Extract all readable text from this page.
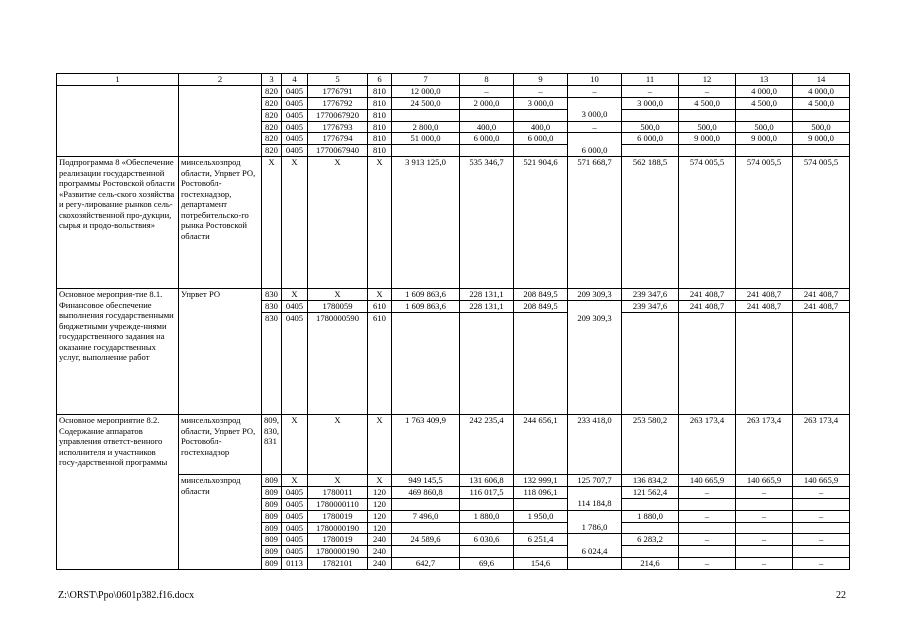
1	2	3	4	5	6	7	8	9	10	11	12	13	14
		820	0405	1776791	810	12 000,0	–	–	–	–	–	4 000,0	4 000,0
		820	0405	1776792	810	24 500,0	2 000,0	3 000,0		3 000,0	4 500,0	4 500,0	4 500,0
		820	0405	1770067920	810				3 000,0				
		820	0405	1776793	810	2 800,0	400,0	400,0	–	500,0	500,0	500,0	500,0
		820	0405	1776794	810	51 000,0	6 000,0	6 000,0		6 000,0	9 000,0	9 000,0	9 000,0
		820	0405	1770067940	810				6 000,0				
Подпрограмма 8 «Обеспечение реализации государственной программы Ростовской области «Развитие сель-ского хозяйства и регу-лирование рынков сель-скохозяйственной про-дукции, сырья и продо-вольствия»	минсельхозпрод области, Упрвет РО, Ростовобл-гостехнадзор, департамент потребительско-го рынка Ростовской области	X	X	X	X	3 913 125,0	535 346,7	521 904,6	571 668,7	562 188,5	574 005,5	574 005,5	574 005,5
Основное мероприя-тие 8.1. Финансовое обеспечение выполнения государственными бюджетными учрежде-ниями государственного задания на оказание государственных услуг, выполнение работ	Упрвет РО	830	X	X	X	1 609 863,6	228 131,1	208 849,5	209 309,3	239 347,6	241 408,7	241 408,7	241 408,7
		830	0405	1780059	610	1 609 863,6	228 131,1	208 849,5		239 347,6	241 408,7	241 408,7	241 408,7
		830	0405	1780000590	610				209 309,3				
Основное мероприятие 8.2. Содержание аппаратов управления ответст-венного исполнителя и участников госу-дарственной программы	минсельхозпрод области, Упрвет РО, Ростовобл-гостехнадзор	809, 830, 831	X	X	X	1 763 409,9	242 235,4	244 656,1	233 418,0	253 580,2	263 173,4	263 173,4	263 173,4
	минсельхозпрод области	809	X	X	X	949 145,5	131 606,8	132 999,1	125 707,7	136 834,2	140 665,9	140 665,9	140 665,9
		809	0405	1780011	120	469 860,8	116 017,5	118 096,1		121 562,4	–	–	–
		809	0405	1780000110	120				114 184,8				
		809	0405	1780019	120	7 496,0	1 880,0	1 950,0		1 880,0	–	–	–
		809	0405	1780000190	120				1 786,0				
		809	0405	1780019	240	24 589,6	6 030,6	6 251,4		6 283,2	–	–	–
		809	0405	1780000190	240				6 024,4				
		809	0113	1782101	240	642,7	69,6	154,6		214,6	–	–	–
Z:\ORST\Ppo\0601p382.f16.docx	22
